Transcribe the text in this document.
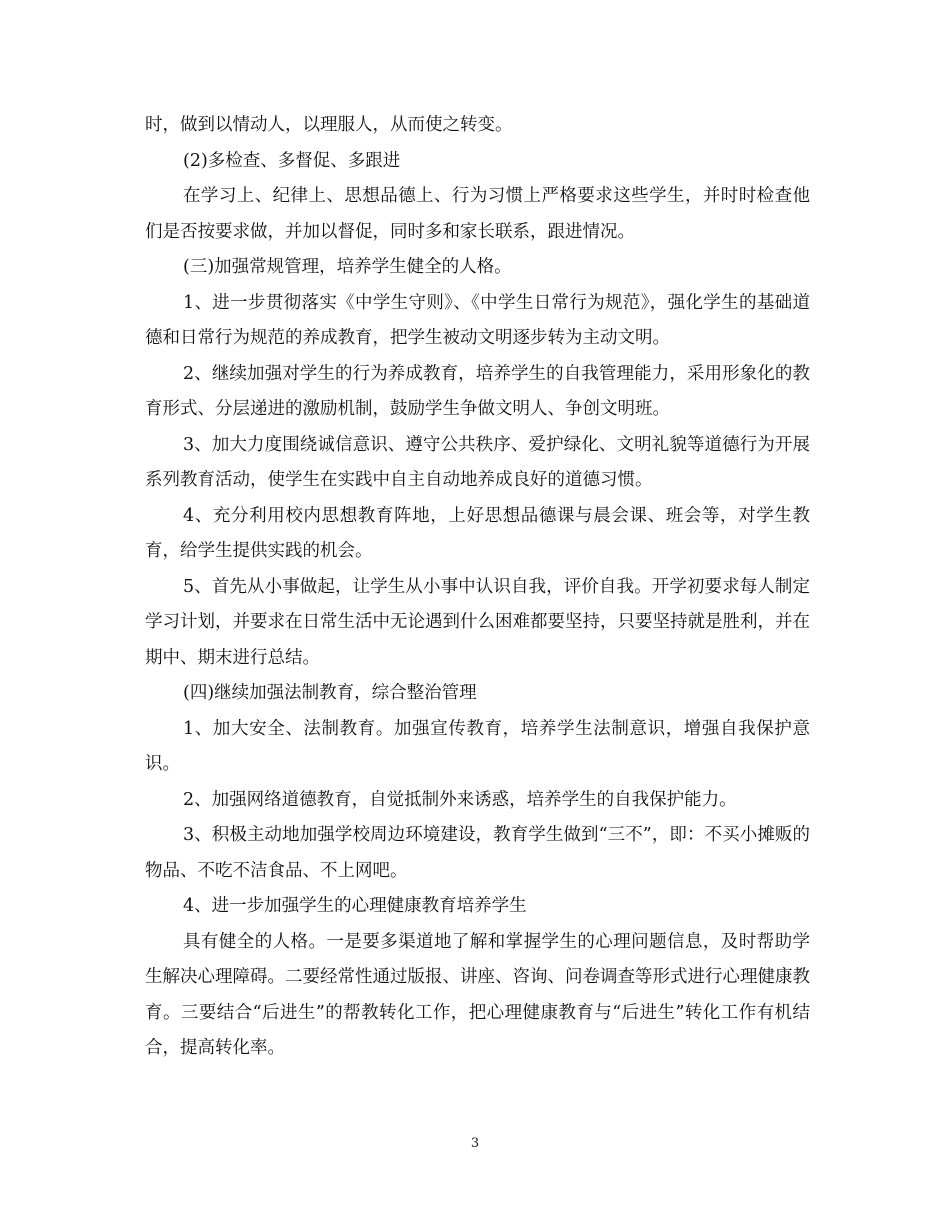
时，做到以情动人，以理服人，从而使之转变。

(2)多检查、多督促、多跟进

在学习上、纪律上、思想品德上、行为习惯上严格要求这些学生，并时时检查他们是否按要求做，并加以督促，同时多和家长联系，跟进情况。

(三)加强常规管理，培养学生健全的人格。

1、进一步贯彻落实《中学生守则》、《中学生日常行为规范》，强化学生的基础道德和日常行为规范的养成教育，把学生被动文明逐步转为主动文明。

2、继续加强对学生的行为养成教育，培养学生的自我管理能力，采用形象化的教育形式、分层递进的激励机制，鼓励学生争做文明人、争创文明班。

3、加大力度围绕诚信意识、遵守公共秩序、爱护绿化、文明礼貌等道德行为开展系列教育活动，使学生在实践中自主自动地养成良好的道德习惯。

4、充分利用校内思想教育阵地，上好思想品德课与晨会课、班会等，对学生教育，给学生提供实践的机会。

5、首先从小事做起，让学生从小事中认识自我，评价自我。开学初要求每人制定学习计划，并要求在日常生活中无论遇到什么困难都要坚持，只要坚持就是胜利，并在期中、期末进行总结。

(四)继续加强法制教育，综合整治管理

1、加大安全、法制教育。加强宣传教育，培养学生法制意识，增强自我保护意识。

2、加强网络道德教育，自觉抵制外来诱惑，培养学生的自我保护能力。

3、积极主动地加强学校周边环境建设，教育学生做到“三不”，即：不买小摊贩的物品、不吃不洁食品、不上网吧。

4、进一步加强学生的心理健康教育培养学生

具有健全的人格。一是要多渠道地了解和掌握学生的心理问题信息，及时帮助学生解决心理障碍。二要经常性通过版报、讲座、咨询、问卷调查等形式进行心理健康教育。三要结合“后进生”的帮教转化工作，把心理健康教育与“后进生”转化工作有机结合，提高转化率。

3
